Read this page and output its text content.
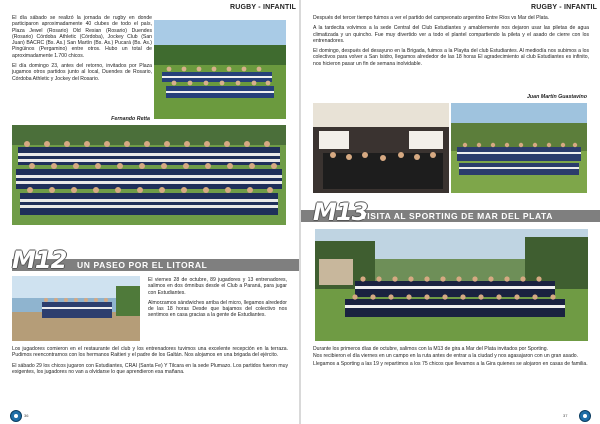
RUGBY - INFANTIL

El día sábado se realizó la jornada de rugby en donde participaron aproximadamente 40 clubes de todo el país, Plaza Jewel (Rosario) Old Resian (Rosario) Duendes (Rosario) Córdoba Athletic (Córdoba), Jockey Club (San Juan) BACRC (Bs. As.) San Martín (Bs. As.) Pucará (Bs. As.) Pingüinos (Pergamino) entre otros. Hubo un total de aproximadamente 1.700 chicos.

El día domingo 23, antes del retorno, invitados por Plaza jugamos otros partidos junto al local, Duendes de Rosario, Córdoba Athletic y Jockey del Rosario.

Fernando Retta
M12 UN PASEO POR EL LITORAL

El viernes 28 de octubre, 89 jugadores y 13 entrenadores, salimos en dos ómnibus desde el Club a Paraná, para jugar con Estudiantes.

Almorzamos sándwiches arriba del micro, llegamos alrededor de las 18 horas Desde que bajamos del colectivo nos sentimos en casa gracias a la gente de Estudiantes.

Los jugadores comieron en el restaurante del club y los entrenadores tuvimos una excelente recepción en la terraza. Pudimos reencontrarnos con los hermanos Raitieri y el padre de los Galtán. Nos alojamos en una brigada del ejército.

El sábado 29 los chicos jugaron con Estudiantes, CRAI (Santa Fe) Y Tilcara en la sede Plumazo. Los partidos fueron muy exigentes, los jugadores no van a olvidarse lo que aprendieron esa mañana.

36
RUGBY - INFANTIL

Después del tercer tiempo fuimos a ver el partido del campeonato argentino Entre Ríos vs Mar del Plata.

A la tardecita volvimos a la sede Central del Club Estudiantes y amablemente nos dejaron usar las piletas de agua climatizada y un quincho. Fue muy divertido ver a todo el plantel compartiendo la pileta y el asado de cierre con los entrenadores.

El domingo, después del desayuno en la Brigada, fuimos a la Playita del club Estudiantes. Al mediodía nos subimos a los colectivos para volver a San Isidro, llegamos alrededor de las 18 horas El agradecimiento al club Estudiantes es infinito, nos hicieron pasar un fin de semana inolvidable.

Juan Martín Guastavino
M13
VISITA AL SPORTING DE MAR DEL PLATA

Durante los primeros días de octubre, salimos con la M13 de gira a Mar del Plata invitados por Sporting.

Nos recibieron el día viernes en un campo en la ruta antes de entrar a la ciudad y nos agasajaron con un gran asado.

Llegamos a Sporting a las 19 y repartimos a los 75 chicos que llevamos a la Gira quienes se alojaron en casas de familia.

37
